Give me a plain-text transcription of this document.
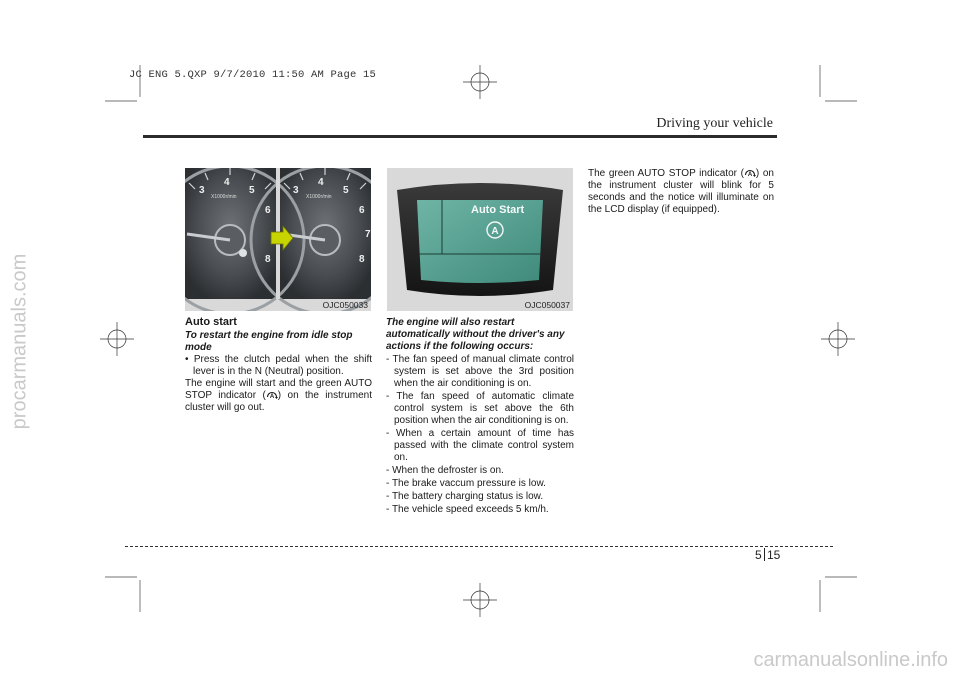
JC ENG 5.QXP 9/7/2010 11:50 AM Page 15
procarmanuals.com
carmanualsonline.info
Driving your vehicle
3
4
5
6
8
X1000r/min
3
4
5
6
7
8
X1000r/min
OJC050033

Auto start

To restart the engine from idle stop mode

• Press the clutch pedal when the shift lever is in the N (Neutral) position.

The engine will start and the green AUTO STOP indicator ( A ) on the instrument cluster will go out.

A
Auto Start
OJC050037

The engine will also restart automatically without the driver's any actions if the following occurs:

- The fan speed of manual climate control system is set above the 3rd position when the air conditioning is on.

- The fan speed of automatic climate control system is set above the 6th position when the air conditioning is on.

- When a certain amount of time has passed with the climate control system on.

- When the defroster is on.

- The brake vaccum pressure is low.

- The battery charging status is low.

- The vehicle speed exceeds 5 km/h.

The green AUTO STOP indicator ( A ) on the instrument cluster will blink for 5 seconds and the notice will illuminate on the LCD display (if equipped).

5 15
